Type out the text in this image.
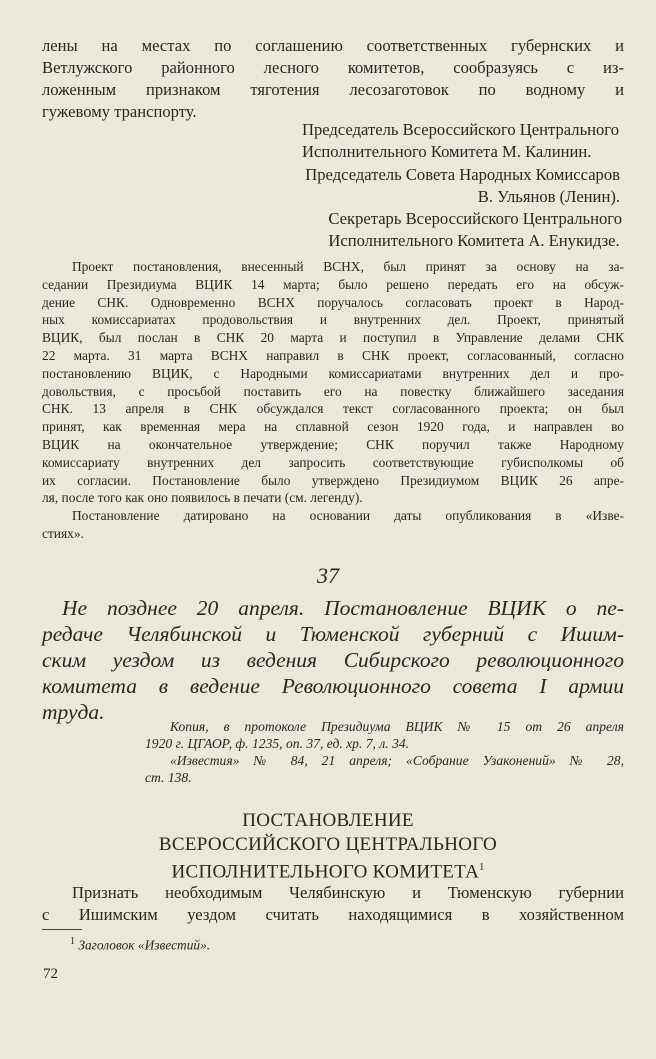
лены на местах по соглашению соответственных губернских и
Ветлужского районного лесного комитетов, сообразуясь с из-
ложенным признаком тяготения лесозаготовок по водному и
гужевому транспорту.
Председатель Всероссийского Центрального
Исполнительного Комитета М. Калинин.
Председатель Совета Народных Комиссаров
В. Ульянов (Ленин).
Секретарь Всероссийского Центрального
Исполнительного Комитета А. Енукидзе.
Проект постановления, внесенный ВСНХ, был принят за основу на за-
седании Президиума ВЦИК 14 марта; было решено передать его на обсуж-
дение СНК. Одновременно ВСНХ поручалось согласовать проект в Народ-
ных комиссариатах продовольствия и внутренних дел. Проект, принятый
ВЦИК, был послан в СНК 20 марта и поступил в Управление делами СНК
22 марта. 31 марта ВСНХ направил в СНК проект, согласованный, согласно
постановлению ВЦИК, с Народными комиссариатами внутренних дел и про-
довольствия, с просьбой поставить его на повестку ближайшего заседания
СНК. 13 апреля в СНК обсуждался текст согласованного проекта; он был
принят, как временная мера на сплавной сезон 1920 года, и направлен во
ВЦИК на окончательное утверждение; СНК поручил также Народному
комиссариату внутренних дел запросить соответствующие губисполкомы об
их согласии. Постановление было утверждено Президиумом ВЦИК 26 апре-
ля, после того как оно появилось в печати (см. легенду).
Постановление датировано на основании даты опубликования в «Изве-
стиях».
37
Не позднее 20 апреля. Постановление ВЦИК о пе-
редаче Челябинской и Тюменской губерний с Ишим-
ским уездом из ведения Сибирского революционного
комитета в ведение Революционного совета I армии
труда.
Копия, в протоколе Президиума ВЦИК № 15 от 26 апреля
1920 г. ЦГАОР, ф. 1235, оп. 37, ед. хр. 7, л. 34.
«Известия» № 84, 21 апреля; «Собрание Узаконений» № 28,
ст. 138.
ПОСТАНОВЛЕНИЕ
ВСЕРОССИЙСКОГО ЦЕНТРАЛЬНОГО
ИСПОЛНИТЕЛЬНОГО КОМИТЕТА$^1$
Признать необходимым Челябинскую и Тюменскую губернии
с Ишимским уездом считать находящимися в хозяйственном
$^1$ Заголовок «Известий».
72
